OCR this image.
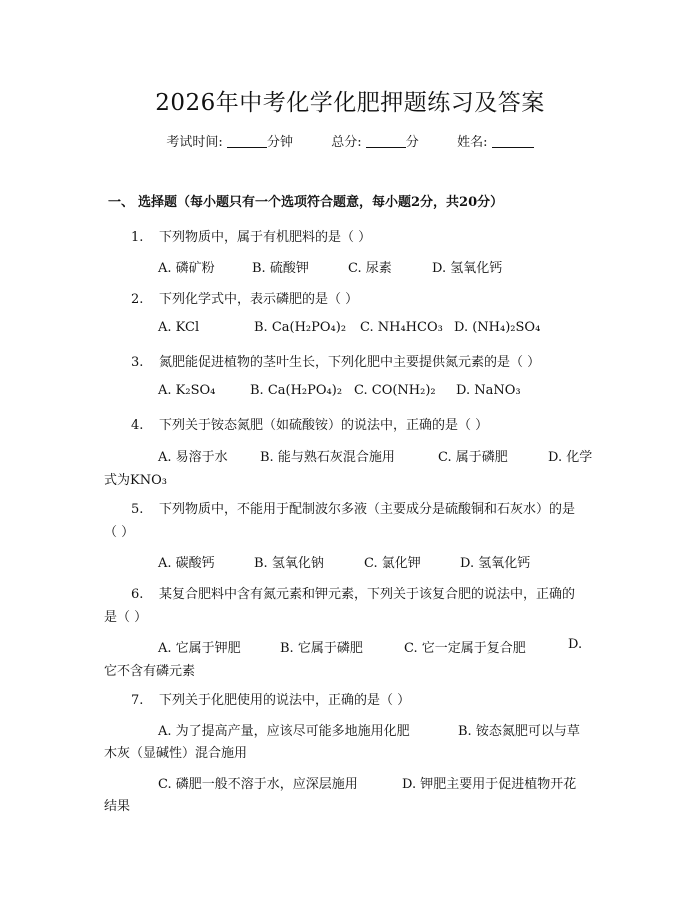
2026年中考化学化肥押题练习及答案
考试时间:	分钟	总分:	分	姓名:
一、 选择题（每小题只有一个选项符合题意，每小题2分，共20分）
1. 下列物质中，属于有机肥料的是（ ）
A. 磷矿粉	B. 硫酸钾	C. 尿素	D. 氢氧化钙
2. 下列化学式中，表示磷肥的是（ ）
A. KCl	B. Ca(H₂PO₄)₂ C. NH₄HCO₃ D. (NH₄)₂SO₄
3. 氮肥能促进植物的茎叶生长，下列化肥中主要提供氮元素的是（ ）
A. K₂SO₄	B. Ca(H₂PO₄)₂ C. CO(NH₂)₂ D. NaNO₃
4. 下列关于铵态氮肥（如硫酸铵）的说法中，正确的是（ ）
A. 易溶于水 B. 能与熟石灰混合施用	C. 属于磷肥	D. 化学
式为KNO₃
5. 下列物质中，不能用于配制波尔多液（主要成分是硫酸铜和石灰水）的是
（ ）
A. 碳酸钙	B. 氢氧化钠	C. 氯化钾	D. 氢氧化钙
6. 某复合肥料中含有氮元素和钾元素，下列关于该复合肥的说法中，正确的
是（ ）
A. 它属于钾肥	B. 它属于磷肥	C. 它一定属于复合肥	D.
它不含有磷元素
7. 下列关于化肥使用的说法中，正确的是（ ）
A. 为了提高产量，应该尽可能多地施用化肥	B. 铵态氮肥可以与草
木灰（显碱性）混合施用
C. 磷肥一般不溶于水，应深层施用	D. 钾肥主要用于促进植物开花
结果
